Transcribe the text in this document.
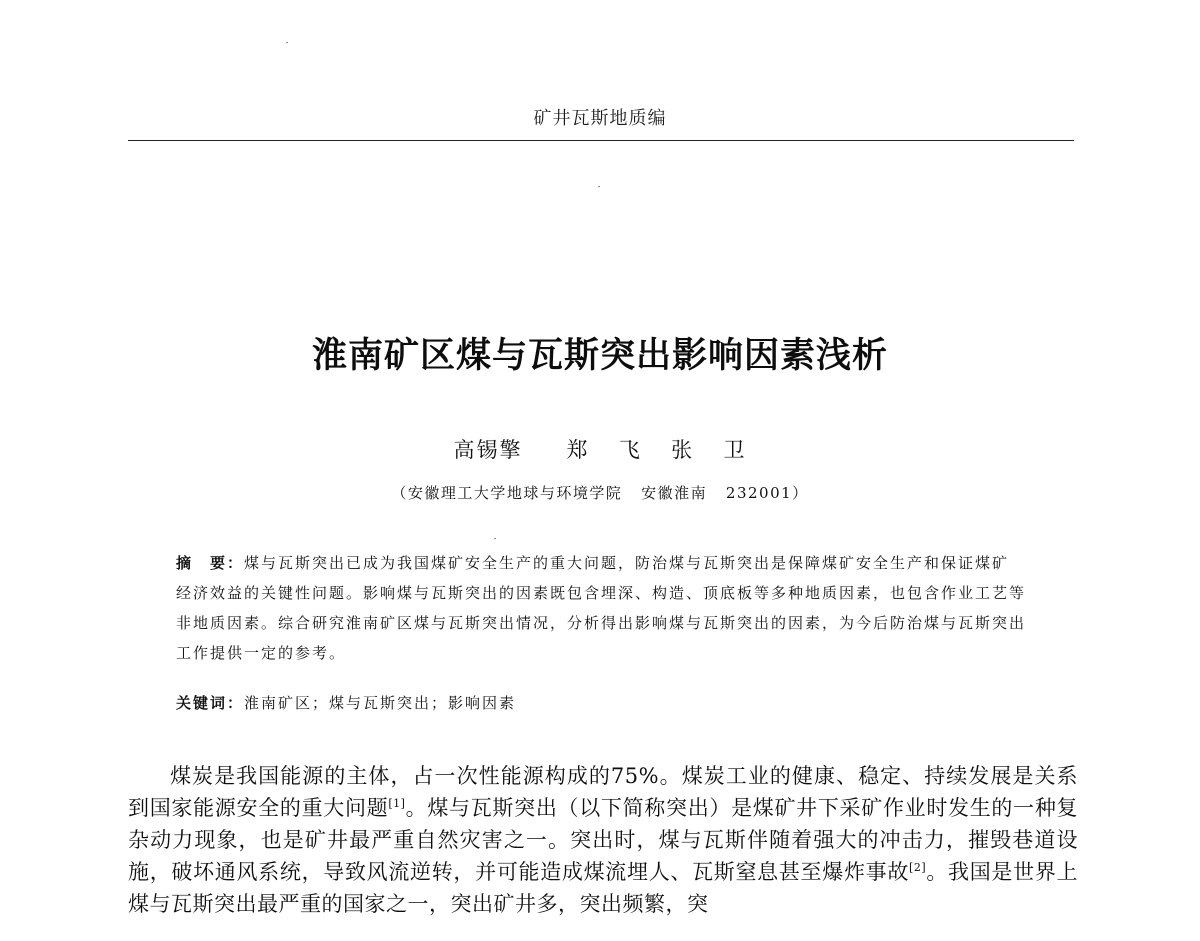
矿井瓦斯地质编
淮南矿区煤与瓦斯突出影响因素浅析
高锡擎   郑  飞  张  卫
（安徽理工大学地球与环境学院   安徽淮南   232001）
摘　要：煤与瓦斯突出已成为我国煤矿安全生产的重大问题，防治煤与瓦斯突出是保障煤矿安全生产和保证煤矿经济效益的关键性问题。影响煤与瓦斯突出的因素既包含埋深、构造、顶底板等多种地质因素，也包含作业工艺等非地质因素。综合研究淮南矿区煤与瓦斯突出情况，分析得出影响煤与瓦斯突出的因素，为今后防治煤与瓦斯突出工作提供一定的参考。
关键词：淮南矿区；煤与瓦斯突出；影响因素
煤炭是我国能源的主体，占一次性能源构成的75%。煤炭工业的健康、稳定、持续发展是关系到国家能源安全的重大问题[1]。煤与瓦斯突出（以下简称突出）是煤矿井下采矿作业时发生的一种复杂动力现象，也是矿井最严重自然灾害之一。突出时，煤与瓦斯伴随着强大的冲击力，摧毁巷道设施，破坏通风系统，导致风流逆转，并可能造成煤流埋人、瓦斯窒息甚至爆炸事故[2]。我国是世界上煤与瓦斯突出最严重的国家之一，突出矿井多，突出频繁，突
